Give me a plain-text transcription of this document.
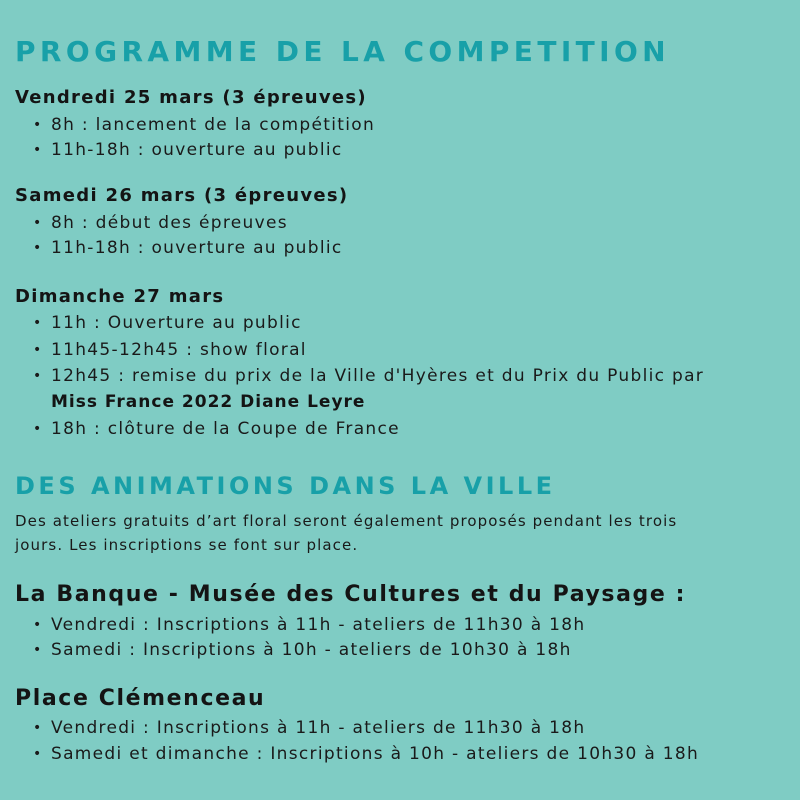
PROGRAMME DE LA COMPETITION
Vendredi 25 mars (3 épreuves)
• 8h : lancement de la compétition
• 11h-18h : ouverture au public
Samedi 26 mars (3 épreuves)
• 8h : début des épreuves
• 11h-18h : ouverture au public
Dimanche 27 mars
• 11h : Ouverture au public
• 11h45-12h45 : show floral
• 12h45 : remise du prix de la Ville d'Hyères et du Prix du Public par
Miss France 2022 Diane Leyre
• 18h : clôture de la Coupe de France
DES ANIMATIONS DANS LA VILLE
Des ateliers gratuits d’art floral seront également proposés pendant les trois
jours. Les inscriptions se font sur place.
La Banque - Musée des Cultures et du Paysage :
• Vendredi : Inscriptions à 11h - ateliers de 11h30 à 18h
• Samedi : Inscriptions à 10h - ateliers de 10h30 à 18h
Place Clémenceau
• Vendredi : Inscriptions à 11h - ateliers de 11h30 à 18h
• Samedi et dimanche : Inscriptions à 10h - ateliers de 10h30 à 18h
